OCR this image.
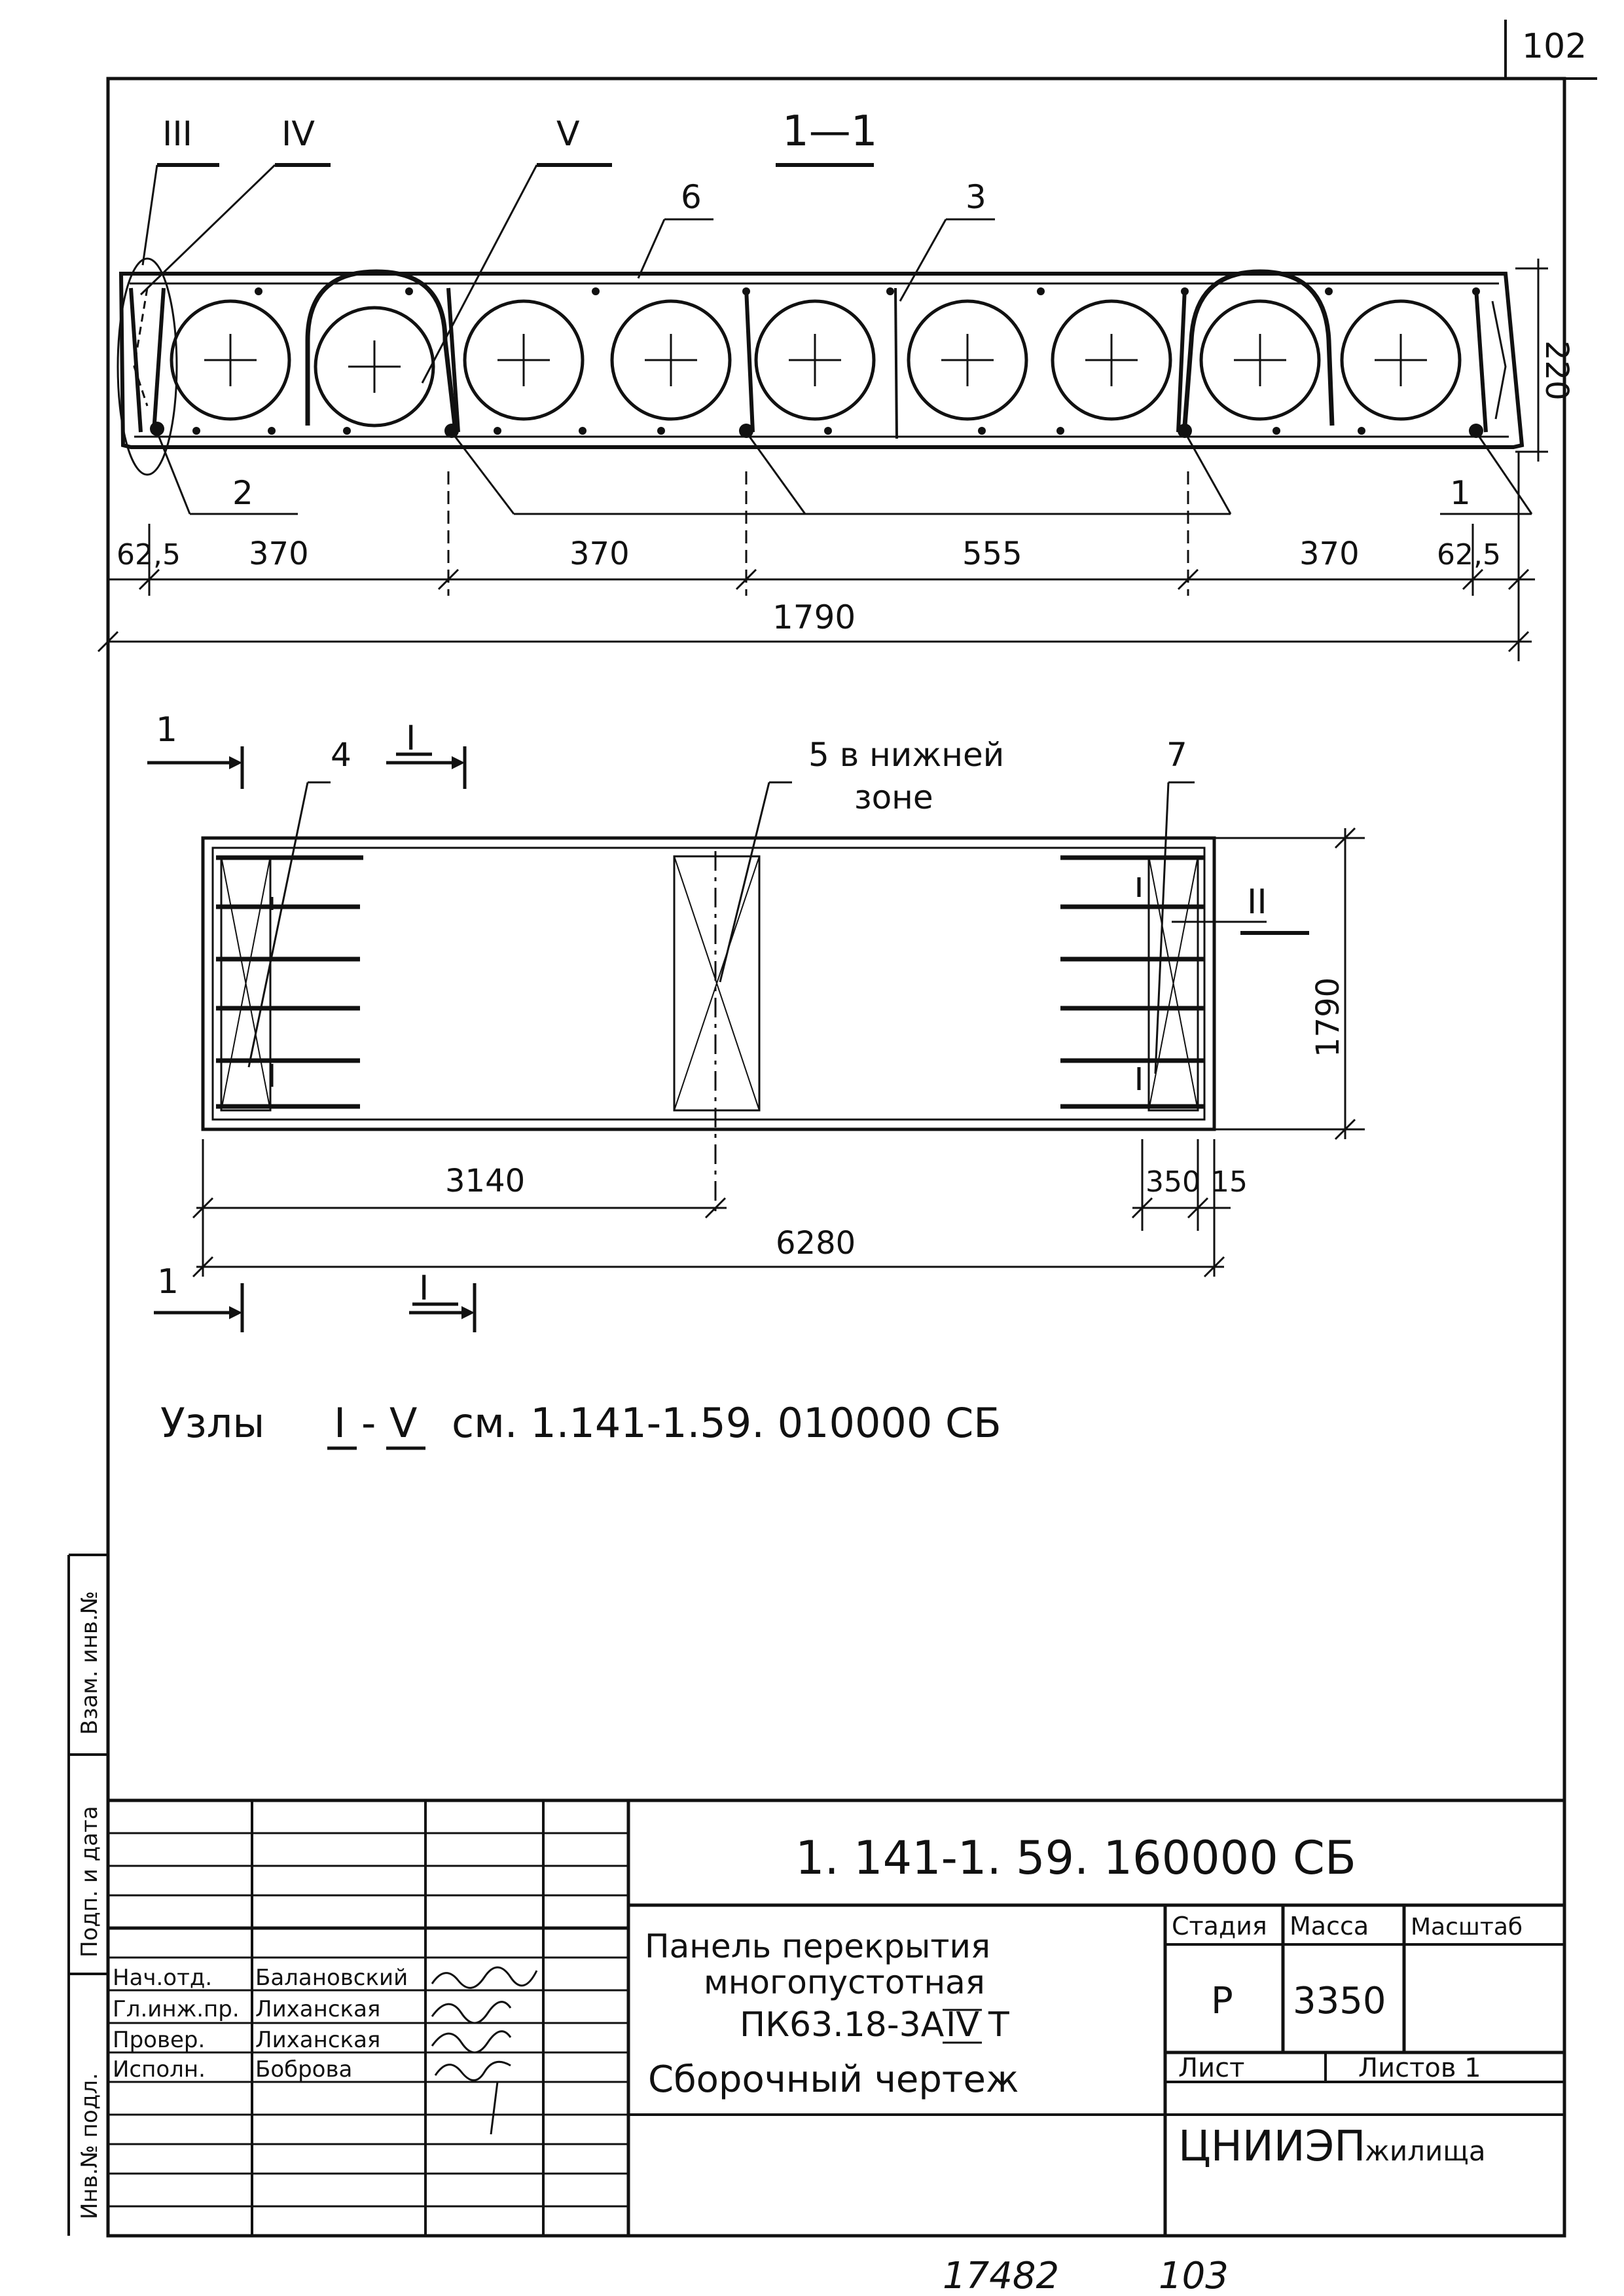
102
1—1
III	IV	V
6	3
2	1
220
62,5 370	370	555	370	62,5
1790
4	5 в нижней
зоне
7
II
1	I
1	I
1790
3140	350 15
6280
Узлы I - V см. 1.141-1.59. 010000 СБ
Взам. инв.№
Подп. и дата
Инв.№ подл.
Нач.отд. Балановский
Гл.инж.пр. Лиханская
Провер. Лиханская
Исполн. Боброва
1. 141-1. 59. 160000 СБ
Панель перекрытия
многопустотная
ПК63.18-3А IV Т
Сборочный чертеж
Стадия Масса Масштаб
Р 3350
Лист	Листов 1
ЦНИИЭП
жилища
17482	103
